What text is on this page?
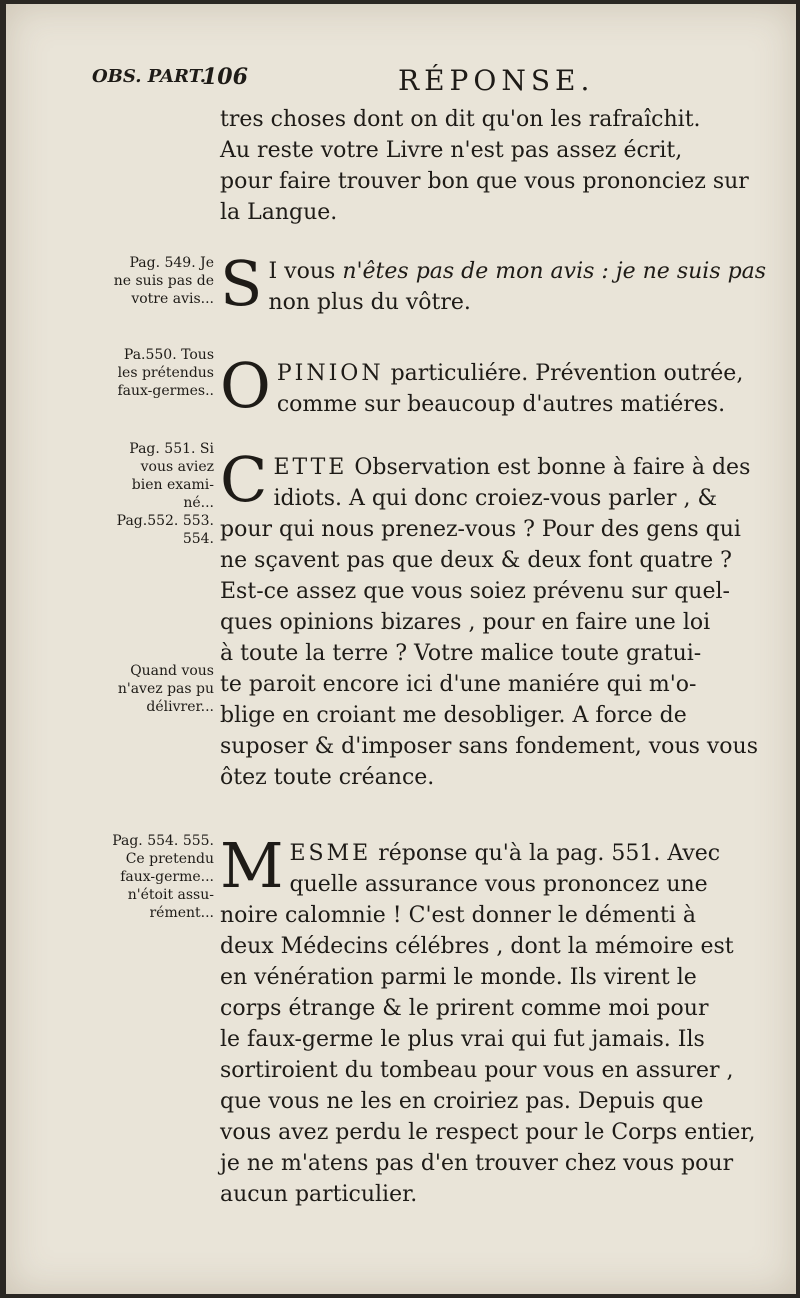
OBS. PART.
106	RÉPONSE.

tres choses dont on dit qu'on les rafraîchit.

Au reste votre Livre n'est pas assez écrit,

pour faire trouver bon que vous prononciez sur

la Langue.

Pag. 549. Je

ne suis pas de

votre avis... S I vous n'êtes pas de mon avis : je ne suis pas

non plus du vôtre.

Pa.550. Tous

les prétendus

faux-germes.. O PINION particuliére. Prévention outrée,

comme sur beaucoup d'autres matiéres.

Pag. 551. Si

vous aviez

bien exami-

né...

Pag.552. 553.

554.

Quand vous

n'avez pas pu

délivrer...

C ETTE Observation est bonne à faire à des

idiots. A qui donc croiez-vous parler , &

pour qui nous prenez-vous ? Pour des gens qui

ne sçavent pas que deux & deux font quatre ?

Est-ce assez que vous soiez prévenu sur quel-

ques opinions bizares , pour en faire une loi

à toute la terre ? Votre malice toute gratui-

te paroit encore ici d'une maniére qui m'o-

blige en croiant me desobliger. A force de

suposer & d'imposer sans fondement, vous vous

ôtez toute créance.

Pag. 554. 555.

Ce pretendu

faux-germe...

n'étoit assu-

rément...

M ESME réponse qu'à la pag. 551. Avec

quelle assurance vous prononcez une

noire calomnie ! C'est donner le démenti à

deux Médecins célébres , dont la mémoire est

en vénération parmi le monde. Ils virent le

corps étrange & le prirent comme moi pour

le faux-germe le plus vrai qui fut jamais. Ils

sortiroient du tombeau pour vous en assurer ,

que vous ne les en croiriez pas. Depuis que

vous avez perdu le respect pour le Corps entier,

je ne m'atens pas d'en trouver chez vous pour

aucun particulier.
